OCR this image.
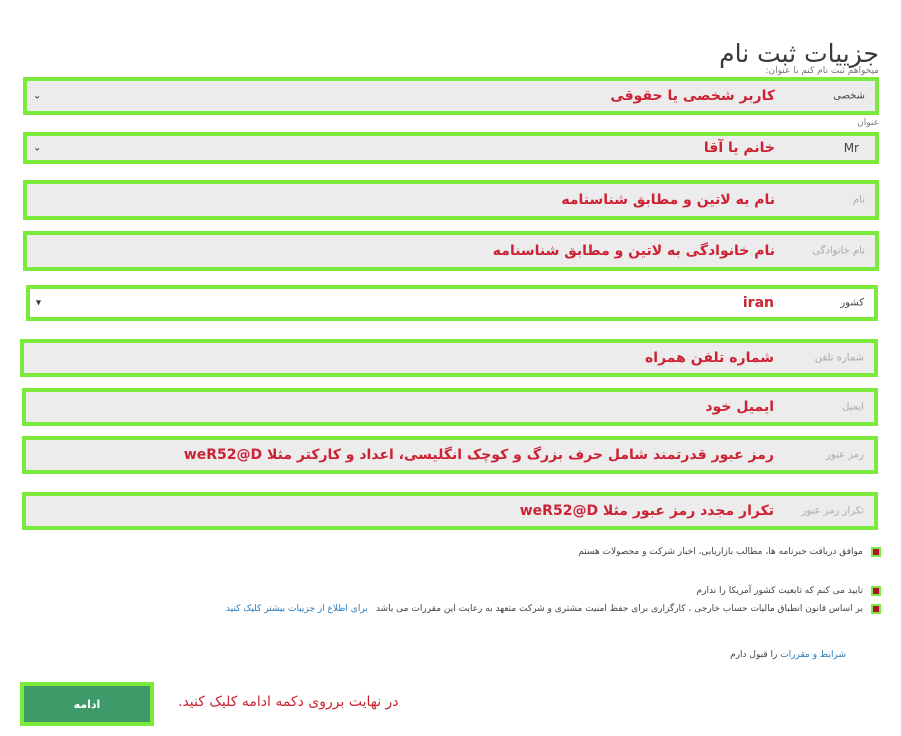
جزییات ثبت نام
میخواهم ثبت نام کنم با عنوان:
شخصی
کاربر شخصی یا حقوقی
⌄
عنوان
Mr
خانم یا آقا
⌄
نام
نام به لاتین و مطابق شناسنامه
نام خانوادگی
نام خانوادگی به لاتین و مطابق شناسنامه
کشور
iran
▾
شماره تلفن
شماره تلفن همراه
ایمیل
ایمیل خود
رمز عبور
رمز عبور قدرتمند شامل حرف بزرگ و کوچک انگلیسی، اعداد و کارکتر مثلا weR52@D
تکرار رمز عبور
تکرار مجدد رمز عبور مثلا weR52@D
موافق دریافت خبرنامه ها، مطالب بازاریابی، اخبار شرکت و محصولات هستم
تایید می کنم که تابعیت کشور آمریکا را ندارم
بر اساس قانون انطباق مالیات حساب خارجی ، کارگزاری برای حفظ امنیت مشتری و شرکت متعهد به رعایت این مقررات می باشد
برای اطلاع از جزییات بیشتر کلیک کنید
شرایط و مقررات را قبول دارم
ادامه	در نهایت برروی دکمه ادامه کلیک کنید.
